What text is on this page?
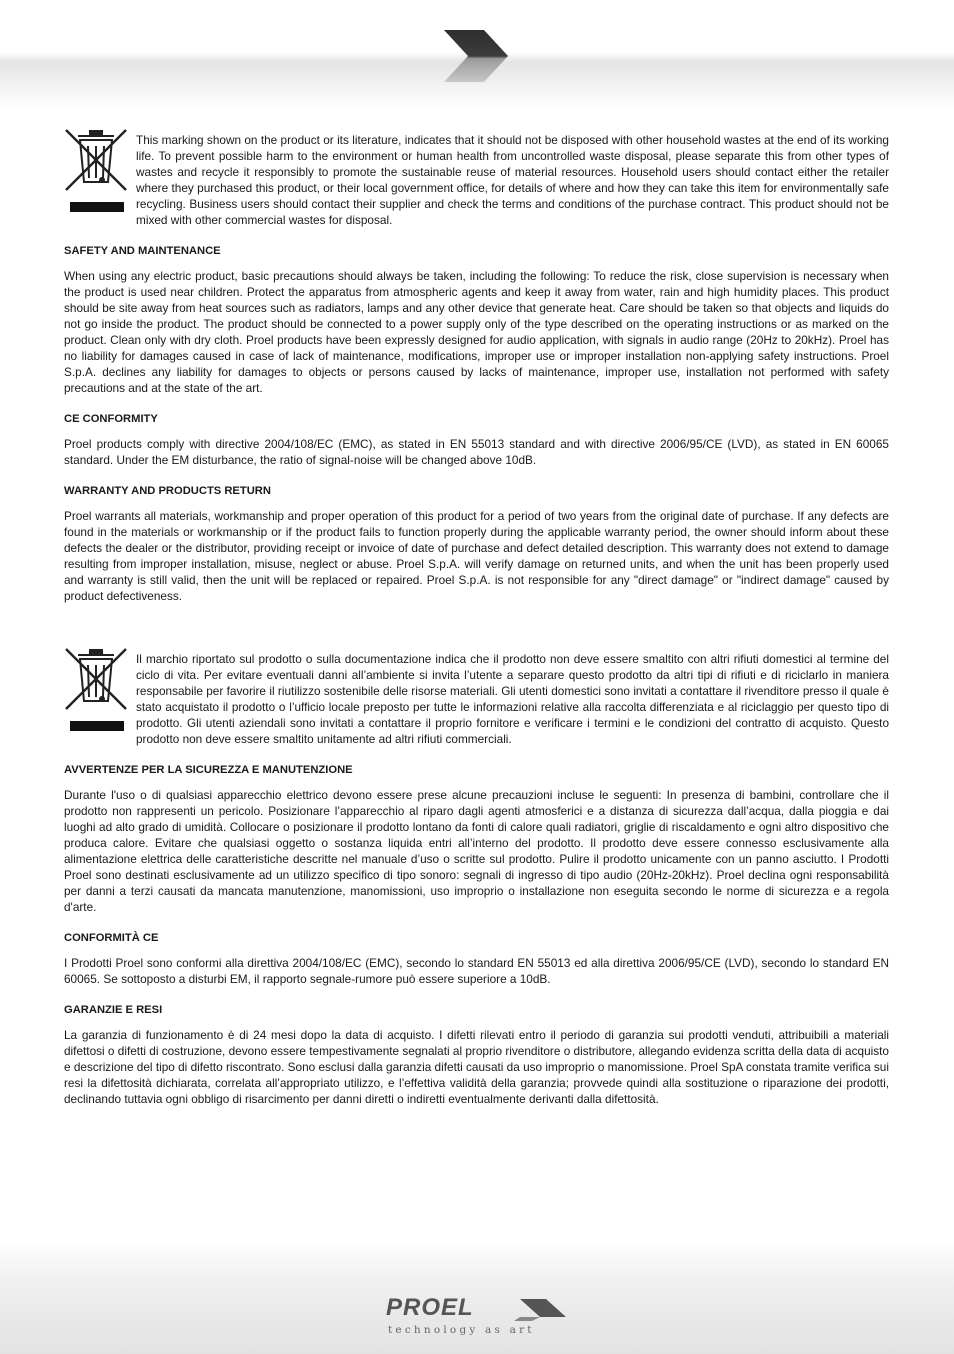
This marking shown on the product or its literature, indicates that it should not be disposed with other household wastes at the end of its working life. To prevent possible harm to the environment or human health from uncontrolled waste disposal, please separate this from other types of wastes and recycle it responsibly to promote the sustainable reuse of material resources. Household users should contact either the retailer where they purchased this product, or their local government office, for details of where and how they can take this item for environmentally safe recycling. Business users should contact their supplier and check the terms and conditions of the purchase contract. This product should not be mixed with other commercial wastes for disposal.

SAFETY AND MAINTENANCE

When using any electric product, basic precautions should always be taken, including the following: To reduce the risk, close supervision is necessary when the product is used near children. Protect the apparatus from atmospheric agents and keep it away from water, rain and high humidity places. This product should be site away from heat sources such as radiators, lamps and any other device that generate heat. Care should be taken so that objects and liquids do not go inside the product. The product should be connected to a power supply only of the type described on the operating instructions or as marked on the product. Clean only with dry cloth. Proel products have been expressly designed for audio application, with signals in audio range (20Hz to 20kHz). Proel has no liability for damages caused in case of lack of maintenance, modifications, improper use or improper installation non-applying safety instructions. Proel S.p.A. declines any liability for damages to objects or persons caused by lacks of maintenance, improper use, installation not performed with safety precautions and at the state of the art.

CE CONFORMITY

Proel products comply with directive 2004/108/EC (EMC), as stated in EN 55013 standard and with directive 2006/95/CE (LVD), as stated in EN 60065 standard. Under the EM disturbance, the ratio of signal-noise will be changed above 10dB.

WARRANTY AND PRODUCTS RETURN

Proel warrants all materials, workmanship and proper operation of this product for a period of two years from the original date of purchase. If any defects are found in the materials or workmanship or if the product fails to function properly during the applicable warranty period, the owner should inform about these defects the dealer or the distributor, providing receipt or invoice of date of purchase and defect detailed description. This warranty does not extend to damage resulting from improper installation, misuse, neglect or abuse. Proel S.p.A. will verify damage on returned units, and when the unit has been properly used and warranty is still valid, then the unit will be replaced or repaired. Proel S.p.A. is not responsible for any "direct damage" or "indirect damage" caused by product defectiveness.

Il marchio riportato sul prodotto o sulla documentazione indica che il prodotto non deve essere smaltito con altri rifiuti domestici al termine del ciclo di vita. Per evitare eventuali danni all’ambiente si invita l’utente a separare questo prodotto da altri tipi di rifiuti e di riciclarlo in maniera responsabile per favorire il riutilizzo sostenibile delle risorse materiali. Gli utenti domestici sono invitati a contattare il rivenditore presso il quale è stato acquistato il prodotto o l’ufficio locale preposto per tutte le informazioni relative alla raccolta differenziata e al riciclaggio per questo tipo di prodotto. Gli utenti aziendali sono invitati a contattare il proprio fornitore e verificare i termini e le condizioni del contratto di acquisto. Questo prodotto non deve essere smaltito unitamente ad altri rifiuti commerciali.

AVVERTENZE PER LA SICUREZZA E MANUTENZIONE

Durante l'uso o di qualsiasi apparecchio elettrico devono essere prese alcune precauzioni incluse le seguenti: In presenza di bambini, controllare che il prodotto non rappresenti un pericolo. Posizionare l’apparecchio al riparo dagli agenti atmosferici e a distanza di sicurezza dall’acqua, dalla pioggia e dai luoghi ad alto grado di umidità. Collocare o posizionare il prodotto lontano da fonti di calore quali radiatori, griglie di riscaldamento e ogni altro dispositivo che produca calore. Evitare che qualsiasi oggetto o sostanza liquida entri all’interno del prodotto. Il prodotto deve essere connesso esclusivamente alla alimentazione elettrica delle caratteristiche descritte nel manuale d’uso o scritte sul prodotto. Pulire il prodotto unicamente con un panno asciutto. I Prodotti Proel sono destinati esclusivamente ad un utilizzo specifico di tipo sonoro: segnali di ingresso di tipo audio (20Hz-20kHz). Proel declina ogni responsabilità per danni a terzi causati da mancata manutenzione, manomissioni, uso improprio o installazione non eseguita secondo le norme di sicurezza e a regola d'arte.

CONFORMITÀ CE

I Prodotti Proel sono conformi alla direttiva 2004/108/EC (EMC), secondo lo standard EN 55013 ed alla direttiva 2006/95/CE (LVD), secondo lo standard EN 60065. Se sottoposto a disturbi EM, il rapporto segnale-rumore può essere superiore a 10dB.

GARANZIE E RESI

La garanzia di funzionamento è di 24 mesi dopo la data di acquisto. I difetti rilevati entro il periodo di garanzia sui prodotti venduti, attribuibili a materiali difettosi o difetti di costruzione, devono essere tempestivamente segnalati al proprio rivenditore o distributore, allegando evidenza scritta della data di acquisto e descrizione del tipo di difetto riscontrato. Sono esclusi dalla garanzia difetti causati da uso improprio o manomissione. Proel SpA constata tramite verifica sui resi la difettosità dichiarata, correlata all’appropriato utilizzo, e l’effettiva validità della garanzia; provvede quindi alla sostituzione o riparazione dei prodotti, declinando tuttavia ogni obbligo di risarcimento per danni diretti o indiretti eventualmente derivanti dalla difettosità.

PROEL
technology as art
